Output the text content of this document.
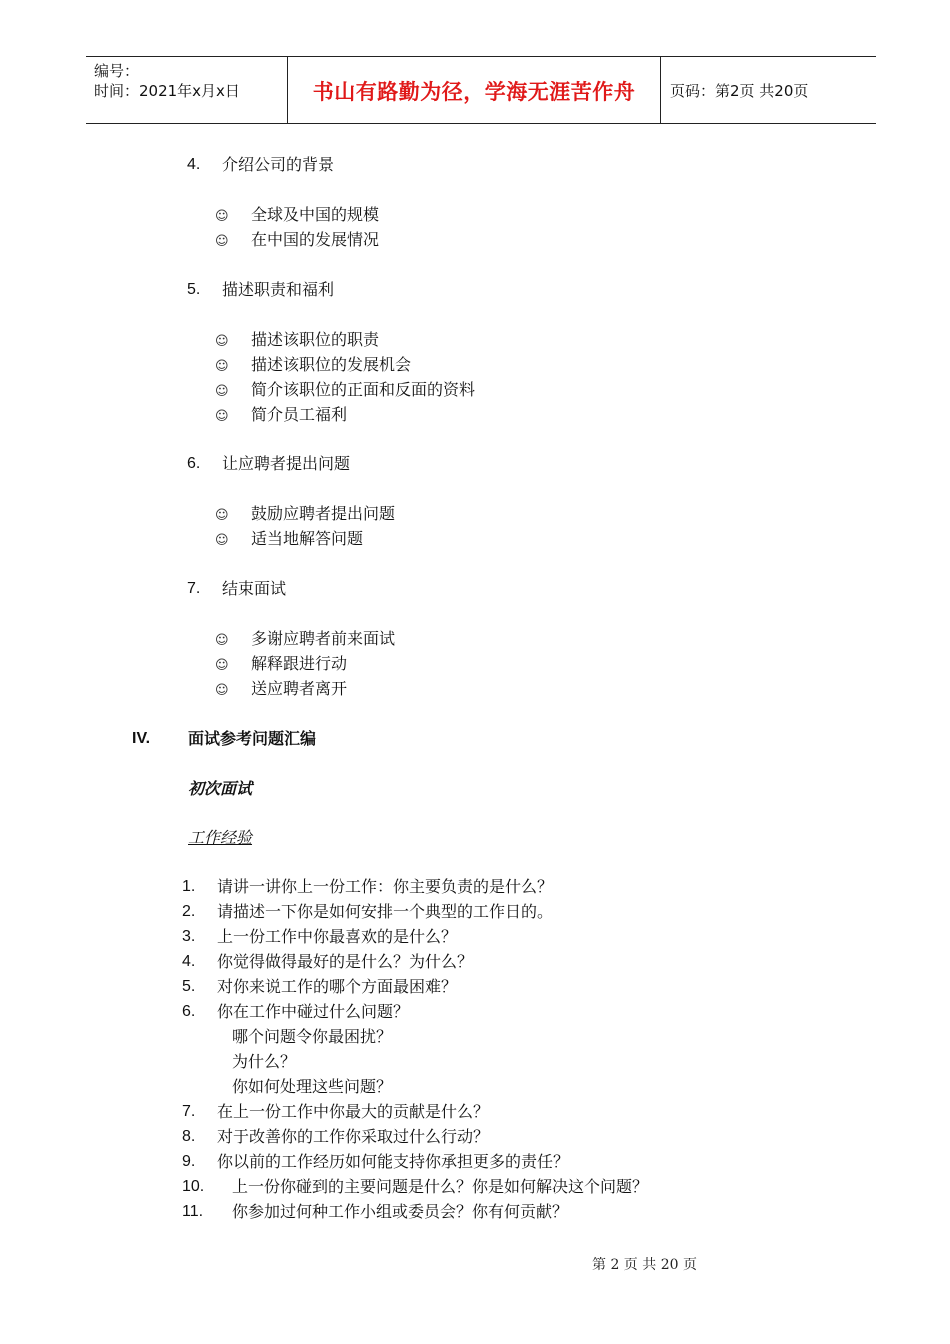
编号：
时间：2021年x月x日	书山有路勤为径，学海无涯苦作舟	页码：第2页 共20页
4. 介绍公司的背景
☺ 全球及中国的规模
☺ 在中国的发展情况
5. 描述职责和福利
☺ 描述该职位的职责
☺ 描述该职位的发展机会
☺ 简介该职位的正面和反面的资料
☺ 简介员工福利
6. 让应聘者提出问题
☺ 鼓励应聘者提出问题
☺ 适当地解答问题
7. 结束面试
☺ 多谢应聘者前来面试
☺ 解释跟进行动
☺ 送应聘者离开
IV. 面试参考问题汇编
初次面试
工作经验
1. 请讲一讲你上一份工作：你主要负责的是什么？
2. 请描述一下你是如何安排一个典型的工作日的。
3. 上一份工作中你最喜欢的是什么？
4. 你觉得做得最好的是什么？为什么？
5. 对你来说工作的哪个方面最困难？
6. 你在工作中碰过什么问题？
哪个问题令你最困扰？
为什么？
你如何处理这些问题？
7. 在上一份工作中你最大的贡献是什么？
8. 对于改善你的工作你采取过什么行动？
9. 你以前的工作经历如何能支持你承担更多的责任？
10. 上一份你碰到的主要问题是什么？你是如何解决这个问题？
11. 你参加过何种工作小组或委员会？你有何贡献？
第 2 页 共 20 页
